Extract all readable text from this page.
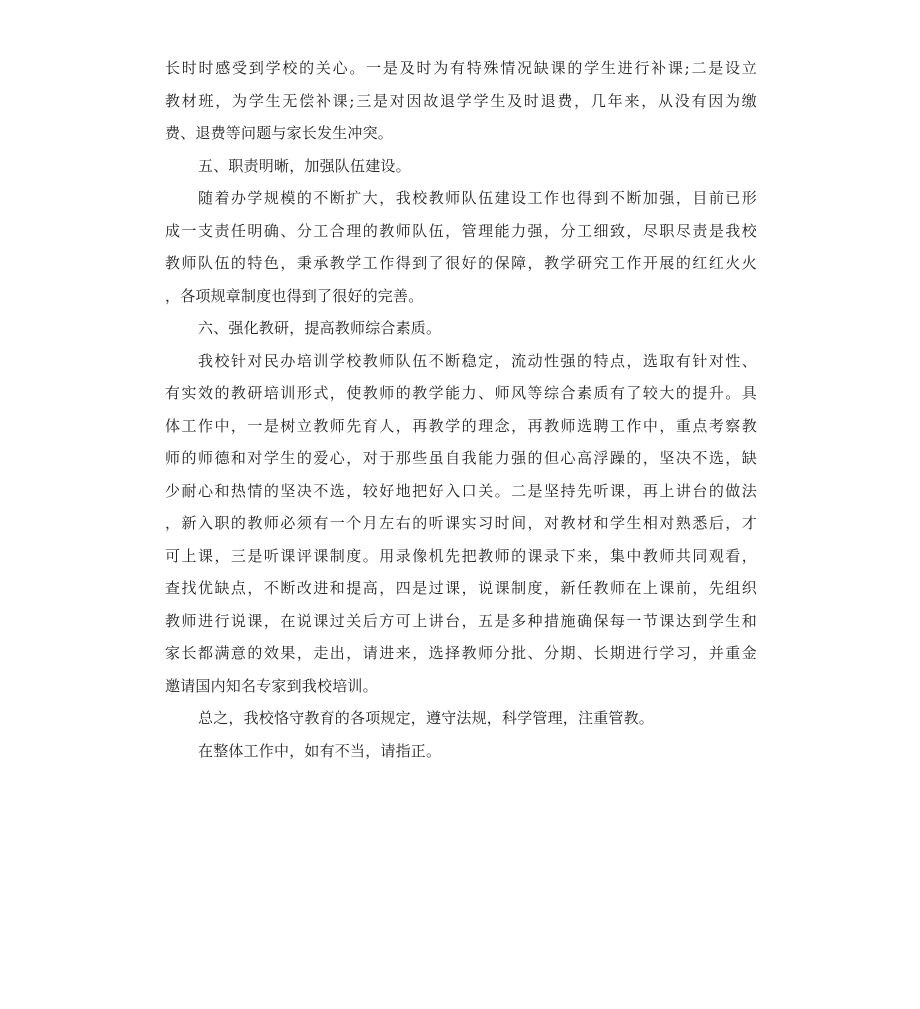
长时时感受到学校的关心。一是及时为有特殊情况缺课的学生进行补课;二是设立
教材班，为学生无偿补课;三是对因故退学学生及时退费，几年来，从没有因为缴
费、退费等问题与家长发生冲突。
五、职责明晰，加强队伍建设。
随着办学规模的不断扩大，我校教师队伍建设工作也得到不断加强，目前已形
成一支责任明确、分工合理的教师队伍，管理能力强，分工细致，尽职尽责是我校
教师队伍的特色，秉承教学工作得到了很好的保障，教学研究工作开展的红红火火
，各项规章制度也得到了很好的完善。
六、强化教研，提高教师综合素质。
我校针对民办培训学校教师队伍不断稳定，流动性强的特点，选取有针对性、
有实效的教研培训形式，使教师的教学能力、师风等综合素质有了较大的提升。具
体工作中，一是树立教师先育人，再教学的理念，再教师选聘工作中，重点考察教
师的师德和对学生的爱心，对于那些虽自我能力强的但心高浮躁的，坚决不选，缺
少耐心和热情的坚决不选，较好地把好入口关。二是坚持先听课，再上讲台的做法
，新入职的教师必须有一个月左右的听课实习时间，对教材和学生相对熟悉后，才
可上课，三是听课评课制度。用录像机先把教师的课录下来，集中教师共同观看，
查找优缺点，不断改进和提高，四是过课，说课制度，新任教师在上课前，先组织
教师进行说课，在说课过关后方可上讲台，五是多种措施确保每一节课达到学生和
家长都满意的效果，走出，请进来，选择教师分批、分期、长期进行学习，并重金
邀请国内知名专家到我校培训。
总之，我校恪守教育的各项规定，遵守法规，科学管理，注重管教。
在整体工作中，如有不当，请指正。
